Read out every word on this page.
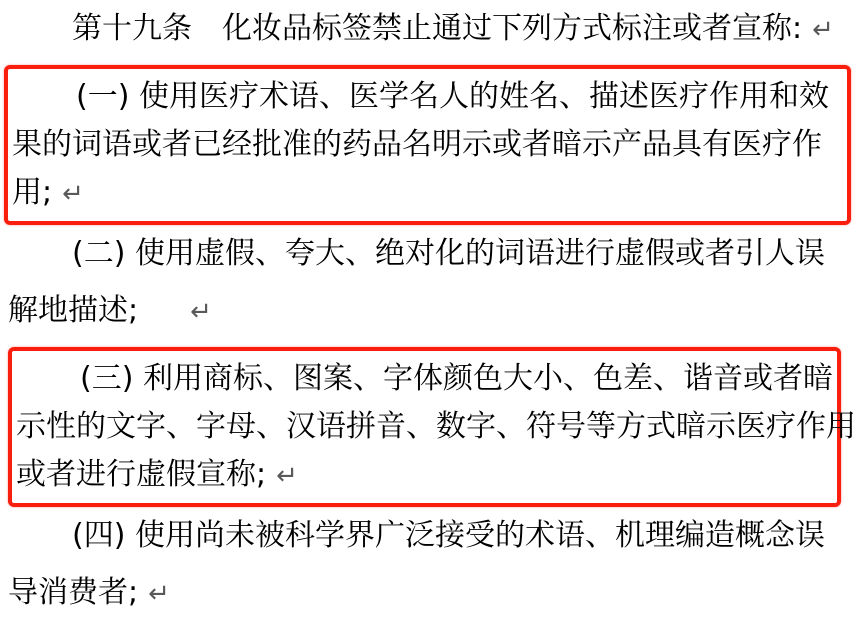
第十九条　化妆品标签禁止通过下列方式标注或者宣称: ↵
(一) 使用医疗术语、医学名人的姓名、描述医疗作用和效
果的词语或者已经批准的药品名明示或者暗示产品具有医疗作
用; ↵
(二) 使用虚假、夸大、绝对化的词语进行虚假或者引人误
解地描述; ↵
(三) 利用商标、图案、字体颜色大小、色差、谐音或者暗
示性的文字、字母、汉语拼音、数字、符号等方式暗示医疗作用
或者进行虚假宣称; ↵
(四) 使用尚未被科学界广泛接受的术语、机理编造概念误
导消费者; ↵
